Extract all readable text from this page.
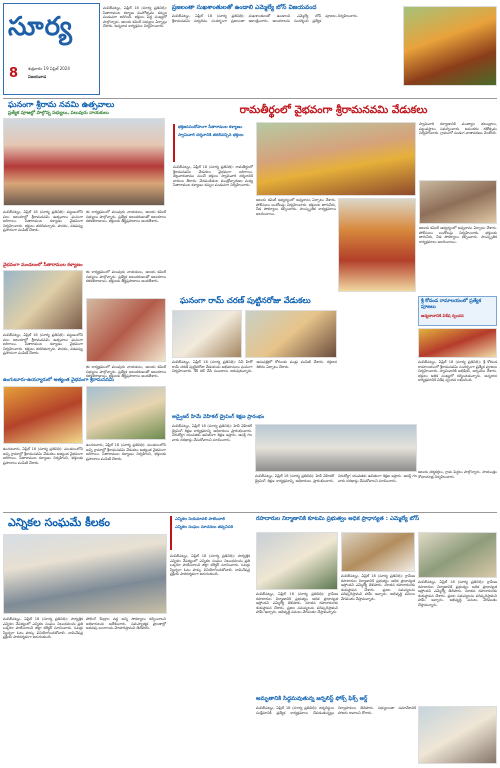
సూర్య
8 శుక్రవారం 19 ఏప్రిల్ 2024
విజయవాడ
మచిలీపట్నం, ఏప్రిల్ 18 (సూర్య ప్రతినిధి): సీతారాముల కళ్యాణ మహోత్సవం కన్నుల పండువగా జరిగింది. భక్తులు పెద్ద సంఖ్యలో పాల్గొన్నారు. ఆలయ కమిటీ సభ్యులు ఏర్పాట్లు చేశారు. అన్నదాన కార్యక్రమం నిర్వహించారు.
ప్రజలంతా సుఖశాంతులతో ఉండాలి ఎమ్మెల్యే బోస్ విజయవంద
మచిలీపట్నం, ఏప్రిల్ 18 (సూర్య ప్రతినిధి): శ్రీరామనవమి పర్వదినం సందర్భంగా ప్రజలంతా సుఖశాంతులతో ఉండాలని ఎమ్మెల్యే బోస్ ఆకాంక్షించారు. ఆలయాలను సందర్శించి ప్రత్యేక పూజలు నిర్వహించారు.
ఘనంగా శ్రీరామ నవమి ఉత్సవాలు
ప్రత్యేక పూజల్లో పాల్గొన్న సభ్యులు, పలువురు నాయకులు
మచిలీపట్నం, ఏప్రిల్ 18 (సూర్య ప్రతినిధి): పట్టణంలోని పలు ఆలయాల్లో శ్రీరామనవమి ఉత్సవాలు ఘనంగా జరిగాయి. సీతారాముల కళ్యాణం వైభవంగా నిర్వహించారు. భక్తులు తరలివచ్చారు. పానకం, వడపప్పు ప్రసాదంగా పంపిణీ చేశారు.
ఈ కార్యక్రమంలో పలువురు నాయకులు, ఆలయ కమిటీ సభ్యులు పాల్గొన్నారు. ప్రత్యేక అలంకరణలతో ఆలయాలు కళకళలాడాయి. భక్తులకు తీర్థప్రసాదాలు అందజేశారు.
వైభవంగా మండలంలో సీతారాముల కళ్యాణం
మచిలీపట్నం, ఏప్రిల్ 18 (సూర్య ప్రతినిధి): పట్టణంలోని పలు ఆలయాల్లో శ్రీరామనవమి ఉత్సవాలు ఘనంగా జరిగాయి. సీతారాముల కళ్యాణం వైభవంగా నిర్వహించారు. భక్తులు తరలివచ్చారు. పానకం, వడపప్పు ప్రసాదంగా పంపిణీ చేశారు.
ఈ కార్యక్రమంలో పలువురు నాయకులు, ఆలయ కమిటీ సభ్యులు పాల్గొన్నారు. ప్రత్యేక అలంకరణలతో ఆలయాలు కళకళలాడాయి. భక్తులకు తీర్థప్రసాదాలు అందజేశారు.
ఈ కార్యక్రమంలో పలువురు నాయకులు, ఆలయ కమిటీ సభ్యులు పాల్గొన్నారు. ప్రత్యేక అలంకరణలతో ఆలయాలు కళకళలాడాయి. భక్తులకు తీర్థప్రసాదాలు అందజేశారు.
ఉంగుటూరు-ఉయ్యూరులో అత్యంత వైభవంగా శ్రీరామనవమి
ఉంగుటూరు, ఏప్రిల్ 18 (సూర్య ప్రతినిధి): మండలంలోని అన్ని గ్రామాల్లో శ్రీరామనవమి వేడుకలు అత్యంత వైభవంగా జరిగాయి. సీతారాముల కళ్యాణం నిర్వహించి, భక్తులకు ప్రసాదాలు పంపిణీ చేశారు.
ఉంగుటూరు, ఏప్రిల్ 18 (సూర్య ప్రతినిధి): మండలంలోని అన్ని గ్రామాల్లో శ్రీరామనవమి వేడుకలు అత్యంత వైభవంగా జరిగాయి. సీతారాముల కళ్యాణం నిర్వహించి, భక్తులకు ప్రసాదాలు పంపిణీ చేశారు.
రామతీర్థంలో వైభవంగా శ్రీరామనవమి వేడుకలు
భక్తజనసందోహంగా సీతారాముల కళ్యాణం
స్వామివారి దర్శనానికి తరలివచ్చిన భక్తులు
మచిలీపట్నం, ఏప్రిల్ 18 (సూర్య ప్రతినిధి): రామతీర్థంలో శ్రీరామనవమి వేడుకలు వైభవంగా జరిగాయి. తెల్లవారుజాము నుంచే భక్తులు స్వామివారి దర్శనానికి బారులు తీరారు. వేదపండితుల మంత్రోచ్ఛారణల మధ్య సీతారాముల కళ్యాణం కన్నుల పండువగా నిర్వహించారు.
ఆలయ కమిటీ ఆధ్వర్యంలో అన్నదానం ఏర్పాటు చేశారు. పోలీసులు బందోబస్తు నిర్వహించారు. భక్తులకు తాగునీరు, నీడ సౌకర్యాలు కల్పించారు. సాంస్కృతిక కార్యక్రమాలు అలరించాయి.
స్వామివారి కళ్యాణానికి ముత్యాల తలంబ్రాలు, పట్టువస్త్రాలు సమర్పించారు. అనంతరం రథోత్సవం నిర్వహించారు. గ్రామంలో పండుగ వాతావరణం నెలకొంది.
ఆలయ కమిటీ ఆధ్వర్యంలో అన్నదానం ఏర్పాటు చేశారు. పోలీసులు బందోబస్తు నిర్వహించారు. భక్తులకు తాగునీరు, నీడ సౌకర్యాలు కల్పించారు. సాంస్కృతిక కార్యక్రమాలు అలరించాయి.
ఘనంగా రామ్ చరణ్ పుట్టినరోజు వేడుకలు
మచిలీపట్నం, ఏప్రిల్ 18 (సూర్య ప్రతినిధి): సినీ హీరో రామ్ చరణ్ పుట్టినరోజు వేడుకలను అభిమానులు ఘనంగా నిర్వహించారు. కేక్ కట్ చేసి సంబరాలు జరుపుకున్నారు. ఆసుపత్రిలో రోగులకు పండ్లు పంపిణీ చేశారు. రక్తదాన శిబిరం ఏర్పాటు చేశారు.
శ్రీ కోదండ రామాలయంలో ప్రత్యేక పూజలు
అన్నదానానికి విశేష స్పందన
మచిలీపట్నం, ఏప్రిల్ 18 (సూర్య ప్రతినిధి): శ్రీ కోదండ రామాలయంలో శ్రీరామనవమి సందర్భంగా ప్రత్యేక పూజలు నిర్వహించారు. స్వామివారికి అభిషేకం, అర్చనలు చేశారు. భక్తులు అధిక సంఖ్యలో దర్శించుకున్నారు. అన్నదాన కార్యక్రమానికి విశేష స్పందన లభించింది.
ఆలయ ధర్మకర్తలు, గ్రామ పెద్దలు పాల్గొన్నారు. సాయంత్రం శోభాయాత్ర నిర్వహించారు.
అడ్వైజర్ హిమే వెహికల్ డ్రైవింగ్ శిక్షణ ప్రారంభం
మచిలీపట్నం, ఏప్రిల్ 18 (సూర్య ప్రతినిధి): హెవీ వెహికల్ డ్రైవింగ్ శిక్షణ కార్యక్రమాన్ని అధికారులు ప్రారంభించారు. నిరుద్యోగ యువతకు ఉచితంగా శిక్షణ ఇస్తారు. ఆసక్తి గల వారు దరఖాస్తు చేసుకోవాలని సూచించారు.
మచిలీపట్నం, ఏప్రిల్ 18 (సూర్య ప్రతినిధి): హెవీ వెహికల్ డ్రైవింగ్ శిక్షణ కార్యక్రమాన్ని అధికారులు ప్రారంభించారు. నిరుద్యోగ యువతకు ఉచితంగా శిక్షణ ఇస్తారు. ఆసక్తి గల వారు దరఖాస్తు చేసుకోవాలని సూచించారు.
ఎన్నికల నియమావళి పాటించాలి
ఎన్నికల సంఘం సూచనలు తప్పనిసరి
ఎన్నికల సంఘమే కీలకం
మచిలీపట్నం, ఏప్రిల్ 18 (సూర్య ప్రతినిధి): సార్వత్రిక ఎన్నికల నేపథ్యంలో ఎన్నికల సంఘం నిబంధనలను ప్రతి ఒక్కరూ పాటించాలని జిల్లా కలెక్టర్ సూచించారు. ఓటర్లు స్వేచ్ఛగా ఓటు హక్కు వినియోగించుకోవాలి. నామినేషన్ల ప్రక్రియ పారదర్శకంగా జరుగుతుంది.
పోలింగ్ కేంద్రాల వద్ద అన్ని సౌకర్యాలు కల్పించాలని అధికారులను ఆదేశించారు. సమస్యాత్మక ప్రాంతాల్లో అదనపు బలగాలను మోహరిస్తామని తెలిపారు.
మచిలీపట్నం, ఏప్రిల్ 18 (సూర్య ప్రతినిధి): సార్వత్రిక ఎన్నికల నేపథ్యంలో ఎన్నికల సంఘం నిబంధనలను ప్రతి ఒక్కరూ పాటించాలని జిల్లా కలెక్టర్ సూచించారు. ఓటర్లు స్వేచ్ఛగా ఓటు హక్కు వినియోగించుకోవాలి. నామినేషన్ల ప్రక్రియ పారదర్శకంగా జరుగుతుంది.
రహదారుల నిర్మాణానికి కూటమి ప్రభుత్వం అధిక ప్రాధాన్యత : ఎమ్మెల్యే బోస్
మచిలీపట్నం, ఏప్రిల్ 18 (సూర్య ప్రతినిధి): గ్రామీణ రహదారుల నిర్మాణానికి ప్రభుత్వం అధిక ప్రాధాన్యత ఇస్తోందని ఎమ్మెల్యే తెలిపారు. నూతన రహదారులకు శంకుస్థాపన చేశారు. ప్రజల సమస్యలను పరిష్కరిస్తామని హామీ ఇచ్చారు. అభివృద్ధి పనులు వేగవంతం చేస్తామన్నారు.
మచిలీపట్నం, ఏప్రిల్ 18 (సూర్య ప్రతినిధి): గ్రామీణ రహదారుల నిర్మాణానికి ప్రభుత్వం అధిక ప్రాధాన్యత ఇస్తోందని ఎమ్మెల్యే తెలిపారు. నూతన రహదారులకు శంకుస్థాపన చేశారు. ప్రజల సమస్యలను పరిష్కరిస్తామని హామీ ఇచ్చారు. అభివృద్ధి పనులు వేగవంతం చేస్తామన్నారు.
మచిలీపట్నం, ఏప్రిల్ 18 (సూర్య ప్రతినిధి): గ్రామీణ రహదారుల నిర్మాణానికి ప్రభుత్వం అధిక ప్రాధాన్యత ఇస్తోందని ఎమ్మెల్యే తెలిపారు. నూతన రహదారులకు శంకుస్థాపన చేశారు. ప్రజల సమస్యలను పరిష్కరిస్తామని హామీ ఇచ్చారు. అభివృద్ధి పనులు వేగవంతం చేస్తామన్నారు.
అమృతానికి సిద్ధమవుతున్న జర్నలిస్ట్ ఫోక్స్ ఫిక్స్ అర్డ్
మచిలీపట్నం, ఏప్రిల్ 18 (సూర్య ప్రతినిధి): జర్నలిస్టుల సంక్షేమానికి ప్రత్యేక కార్యక్రమాలు చేపడుతున్నట్లు నిర్వాహకులు తెలిపారు. సభ్యులంతా సమావేశానికి హాజరు కావాలని కోరారు.
